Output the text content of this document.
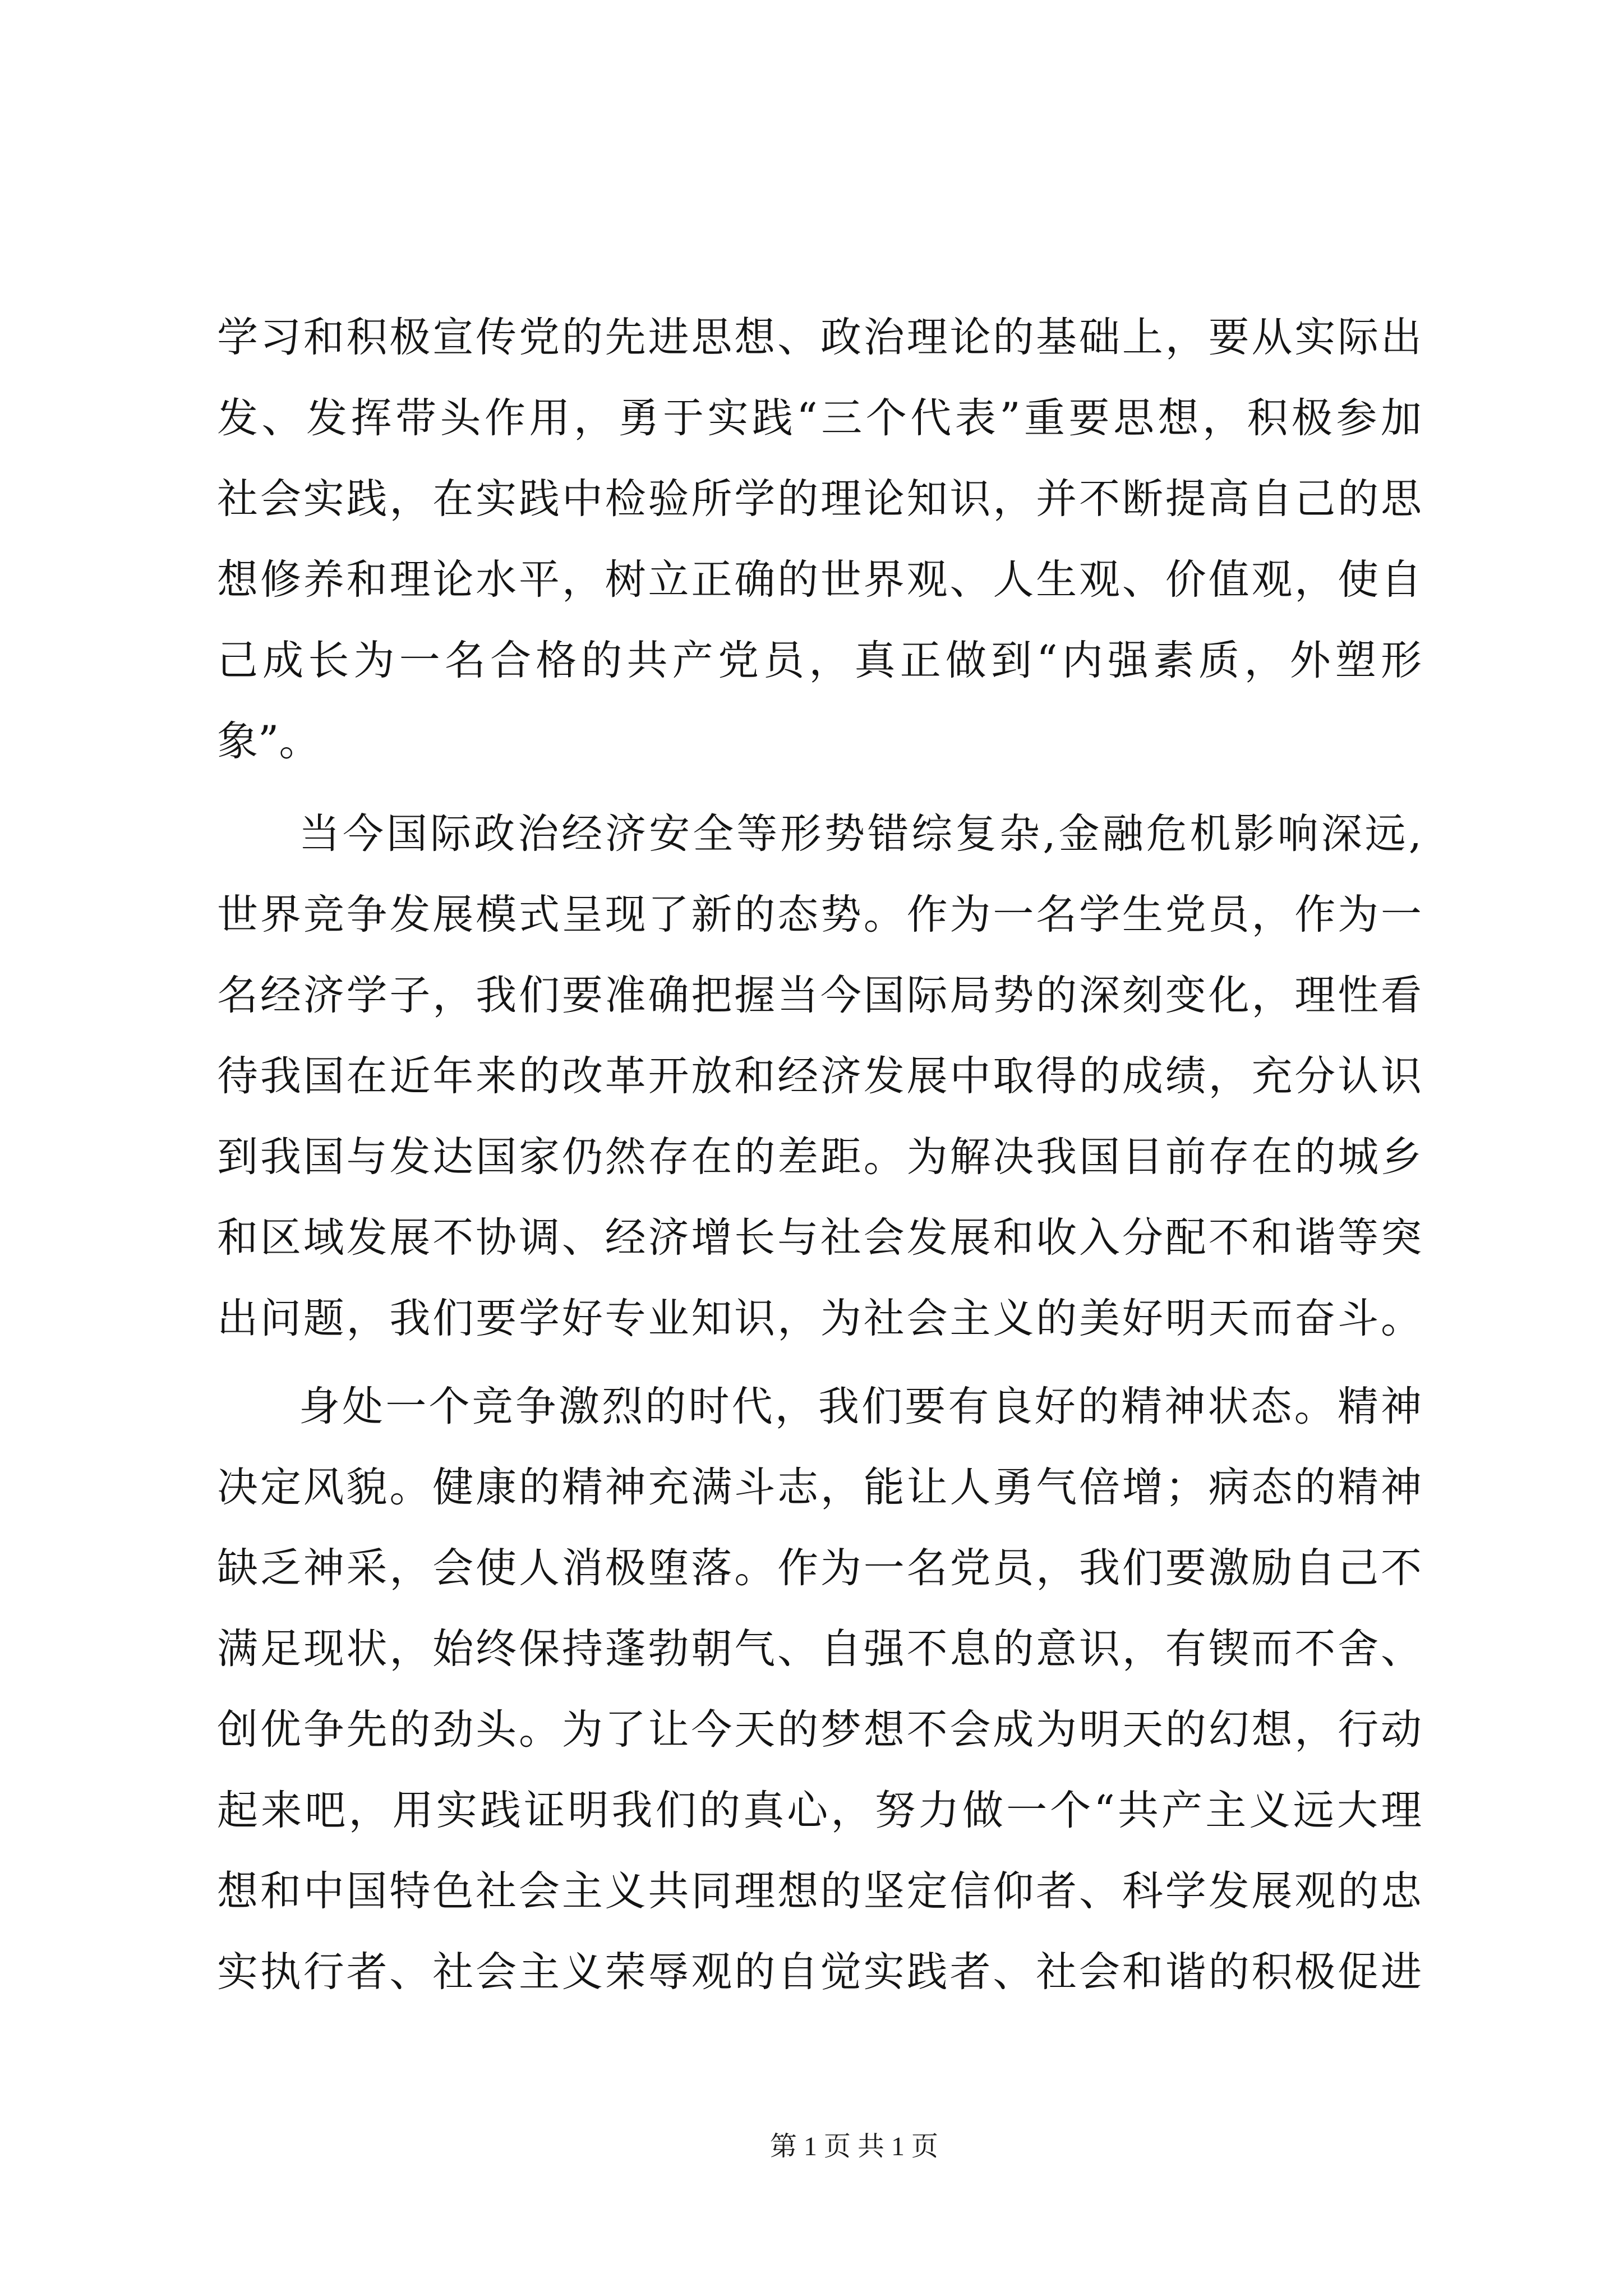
学习和积极宣传党的先进思想、政治理论的基础上，要从实际出
发、发挥带头作用，勇于实践“三个代表”重要思想，积极参加
社会实践，在实践中检验所学的理论知识，并不断提高自己的思
想修养和理论水平，树立正确的世界观、人生观、价值观，使自
己成长为一名合格的共产党员，真正做到“内强素质，外塑形
象”。
当今国际政治经济安全等形势错综复杂,金融危机影响深远,
世界竞争发展模式呈现了新的态势。作为一名学生党员，作为一
名经济学子，我们要准确把握当今国际局势的深刻变化，理性看
待我国在近年来的改革开放和经济发展中取得的成绩，充分认识
到我国与发达国家仍然存在的差距。为解决我国目前存在的城乡
和区域发展不协调、经济增长与社会发展和收入分配不和谐等突
出问题，我们要学好专业知识，为社会主义的美好明天而奋斗。
身处一个竞争激烈的时代，我们要有良好的精神状态。精神
决定风貌。健康的精神充满斗志，能让人勇气倍增；病态的精神
缺乏神采，会使人消极堕落。作为一名党员，我们要激励自己不
满足现状，始终保持蓬勃朝气、自强不息的意识，有锲而不舍、
创优争先的劲头。为了让今天的梦想不会成为明天的幻想，行动
起来吧，用实践证明我们的真心，努力做一个“共产主义远大理
想和中国特色社会主义共同理想的坚定信仰者、科学发展观的忠
实执行者、社会主义荣辱观的自觉实践者、社会和谐的积极促进
第 1 页 共 1 页
